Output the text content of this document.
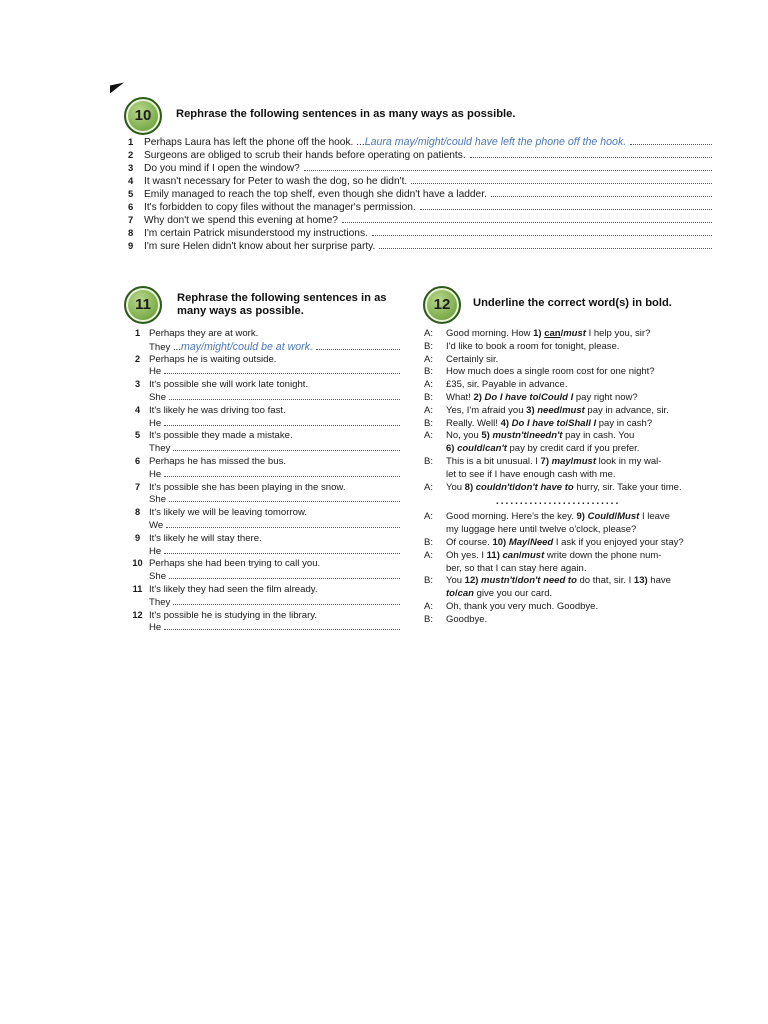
10	Rephrase the following sentences in as many ways as possible.
1	Perhaps Laura has left the phone off the hook. ... Laura may/might/could have left the phone off the hook.
2	Surgeons are obliged to scrub their hands before operating on patients.
3	Do you mind if I open the window?
4	It wasn't necessary for Peter to wash the dog, so he didn't.
5	Emily managed to reach the top shelf, even though she didn't have a ladder.
6	It's forbidden to copy files without the manager's permission.
7	Why don't we spend this evening at home?
8	I'm certain Patrick misunderstood my instructions.
9	I'm sure Helen didn't know about her surprise party.
11	Rephrase the following sentences in as
many ways as possible.
1 Perhaps they are at work.
They ... may/might/could be at work.
2 Perhaps he is waiting outside.
He
3 It's possible she will work late tonight.
She
4 It's likely he was driving too fast.
He
5 It's possible they made a mistake.
They
6 Perhaps he has missed the bus.
He
7 It's possible she has been playing in the snow.
She
8 It's likely we will be leaving tomorrow.
We
9 It's likely he will stay there.
He
10 Perhaps she had been trying to call you.
She
11 It's likely they had seen the film already.
They
12 It's possible he is studying in the library.
He
12	Underline the correct word(s) in bold.
A:	Good morning. How 1) can/must I help you, sir?
B:	I'd like to book a room for tonight, please.
A:	Certainly sir.
B:	How much does a single room cost for one night?
A:	£35, sir. Payable in advance.
B:	What! 2) Do I have to/Could I pay right now?
A:	Yes, I'm afraid you 3) need/must pay in advance, sir.
B:	Really. Well! 4) Do I have to/Shall I pay in cash?
A:	No, you 5) mustn't/needn't pay in cash. You
6) could/can't pay by credit card if you prefer.
B:	This is a bit unusual. I 7) may/must look in my wal-
let to see if I have enough cash with me.
A:	You 8) couldn't/don't have to hurry, sir. Take your time.
..........................
A:	Good morning. Here's the key. 9) Could/Must I leave
my luggage here until twelve o'clock, please?
B:	Of course. 10) May/Need I ask if you enjoyed your stay?
A:	Oh yes. I 11) can/must write down the phone num-
ber, so that I can stay here again.
B:	You 12) mustn't/don't need to do that, sir. I 13) have
to/can give you our card.
A:	Oh, thank you very much. Goodbye.
B:	Goodbye.
